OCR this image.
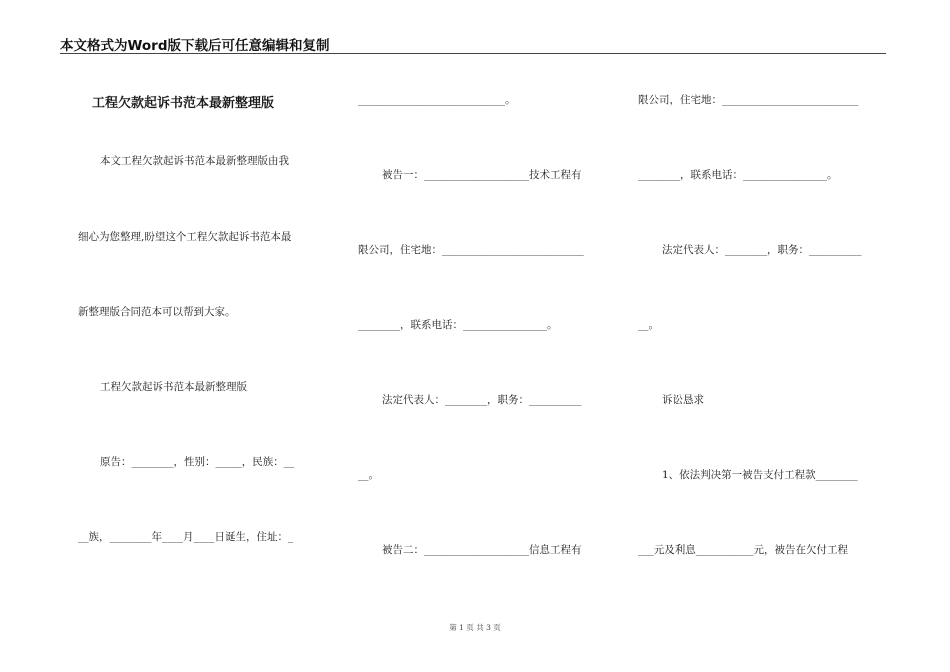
本文格式为Word版下载后可任意编辑和复制
工程欠款起诉书范本最新整理版
本文工程欠款起诉书范本最新整理版由我
细心为您整理,盼望这个工程欠款起诉书范本最
新整理版合同范本可以帮到大家。
工程欠款起诉书范本最新整理版
原告：________，性别：_____，民族：__
__族，________年____月____日诞生，住址：_
____________________________。
被告一：____________________技术工程有
限公司，住宅地：___________________________
________，联系电话：________________。
法定代表人：________，职务：__________
__。
被告二：____________________信息工程有
限公司，住宅地：__________________________
________，联系电话：________________。
法定代表人：________，职务：__________
__。
诉讼恳求
1、依法判决第一被告支付工程款________
___元及利息___________元，被告在欠付工程
第 1 页 共 3 页
